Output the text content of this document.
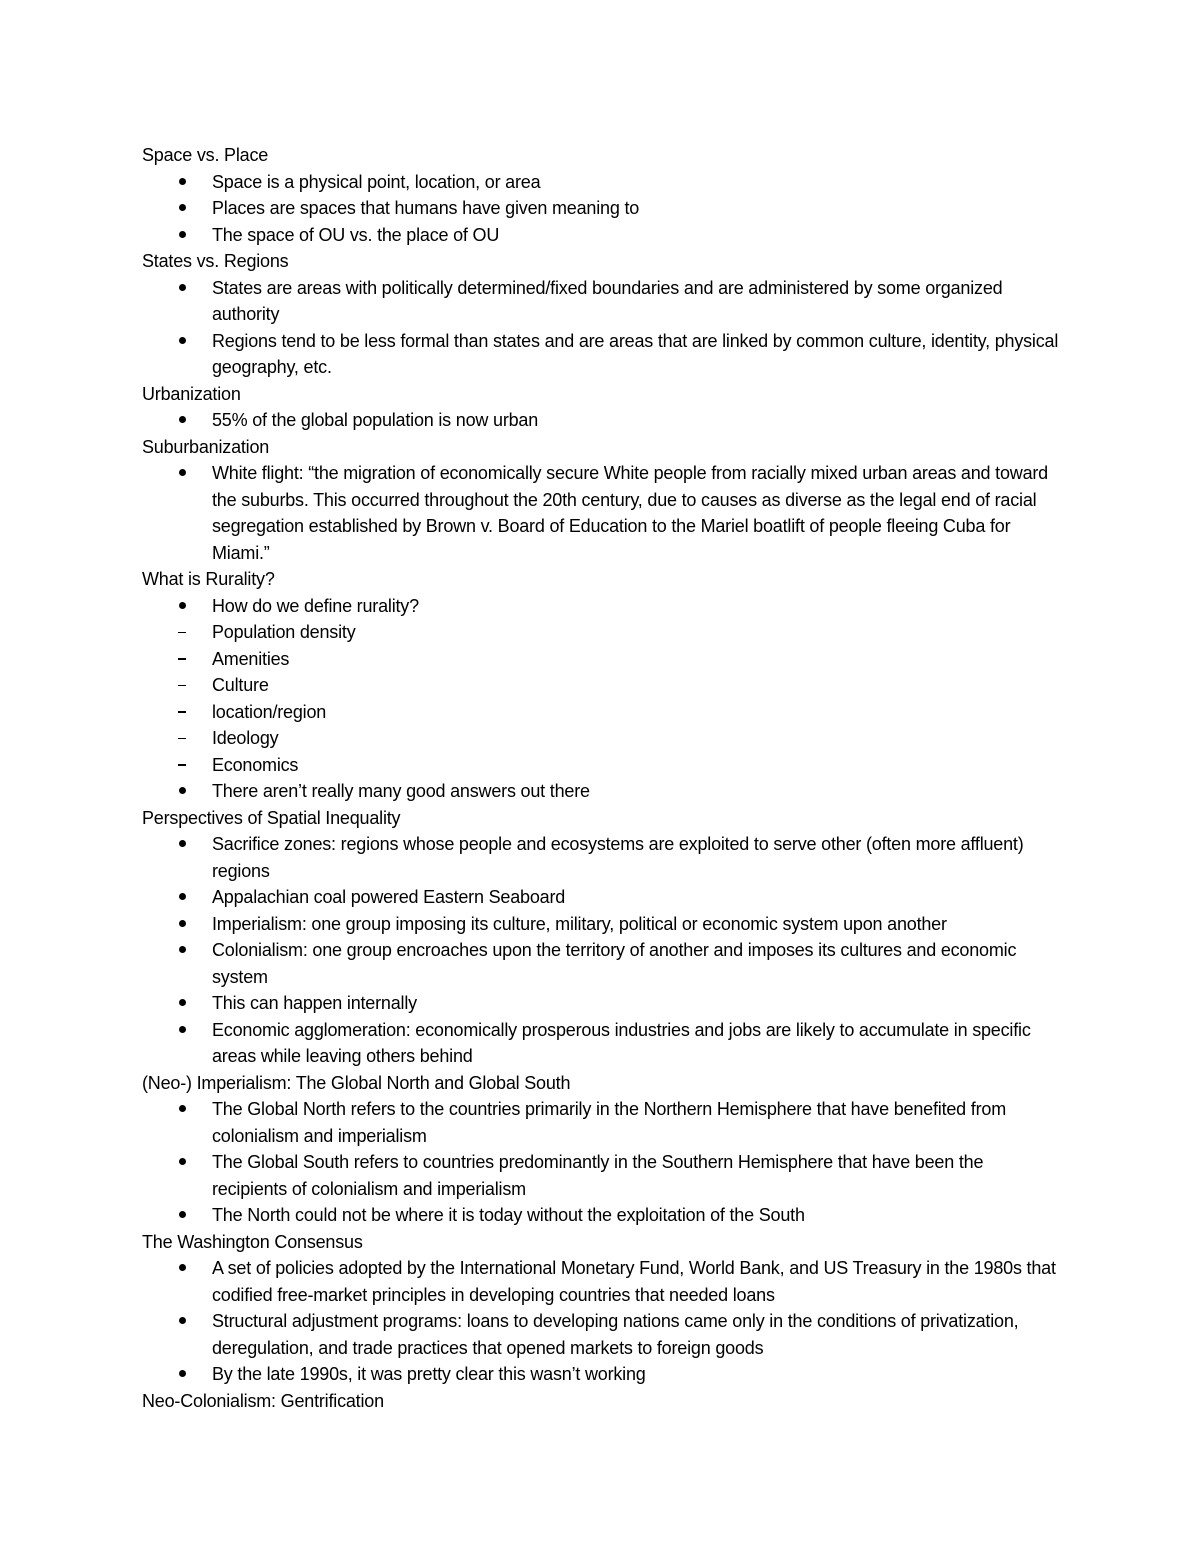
Space vs. Place
Space is a physical point, location, or area
Places are spaces that humans have given meaning to
The space of OU vs. the place of OU
States vs. Regions
States are areas with politically determined/fixed boundaries and are administered by some organized authority
Regions tend to be less formal than states and are areas that are linked by common culture, identity, physical geography, etc.
Urbanization
55% of the global population is now urban
Suburbanization
White flight: “the migration of economically secure White people from racially mixed urban areas and toward the suburbs. This occurred throughout the 20th century, due to causes as diverse as the legal end of racial segregation established by Brown v. Board of Education to the Mariel boatlift of people fleeing Cuba for Miami.”
What is Rurality?
How do we define rurality?
Population density
Amenities
Culture
location/region
Ideology
Economics
There aren’t really many good answers out there
Perspectives of Spatial Inequality
Sacrifice zones: regions whose people and ecosystems are exploited to serve other (often more affluent) regions
Appalachian coal powered Eastern Seaboard
Imperialism: one group imposing its culture, military, political or economic system upon another
Colonialism: one group encroaches upon the territory of another and imposes its cultures and economic system
This can happen internally
Economic agglomeration: economically prosperous industries and jobs are likely to accumulate in specific areas while leaving others behind
(Neo-) Imperialism: The Global North and Global South
The Global North refers to the countries primarily in the Northern Hemisphere that have benefited from colonialism and imperialism
The Global South refers to countries predominantly in the Southern Hemisphere that have been the recipients of colonialism and imperialism
The North could not be where it is today without the exploitation of the South
The Washington Consensus
A set of policies adopted by the International Monetary Fund, World Bank, and US Treasury in the 1980s that codified free-market principles in developing countries that needed loans
Structural adjustment programs: loans to developing nations came only in the conditions of privatization, deregulation, and trade practices that opened markets to foreign goods
By the late 1990s, it was pretty clear this wasn’t working
Neo-Colonialism: Gentrification
